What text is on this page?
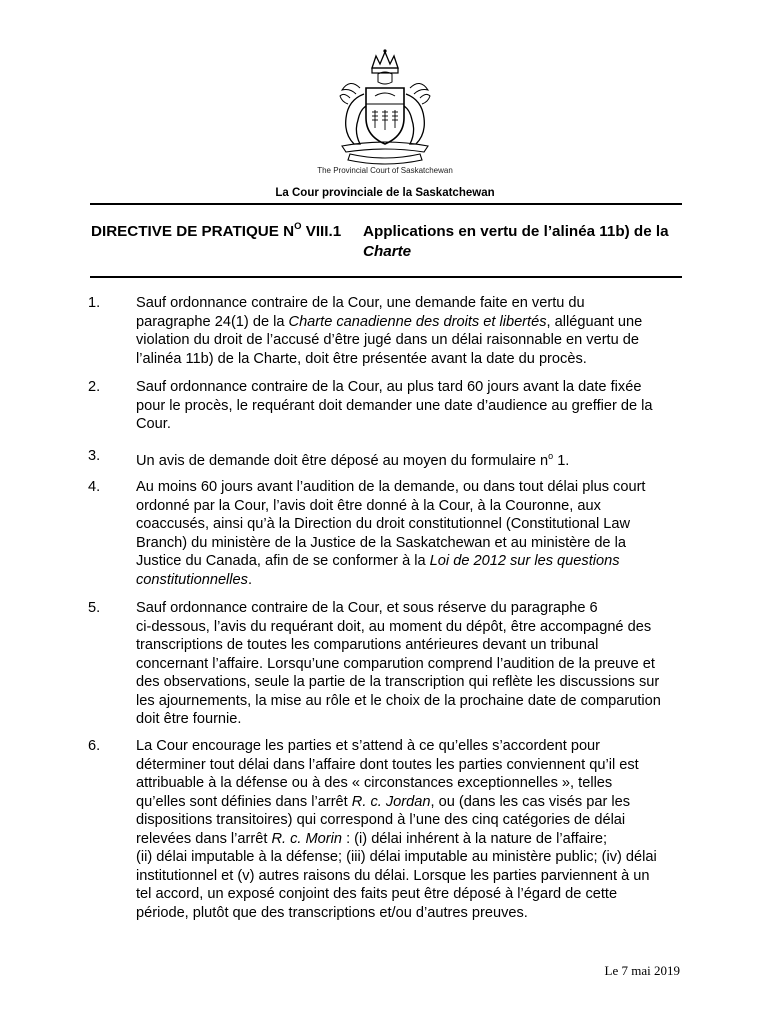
The Provincial Court of Saskatchewan
La Cour provinciale de la Saskatchewan
DIRECTIVE DE PRATIQUE $N^O$ VIII.1 Applications en vertu de l’alinéa 11b) de la
Charte
1. Sauf ordonnance contraire de la Cour, une demande faite en vertu du
paragraphe 24(1) de la Charte canadienne des droits et libertés, alléguant une
violation du droit de l’accusé d’être jugé dans un délai raisonnable en vertu de
l’alinéa 11b) de la Charte, doit être présentée avant la date du procès.
2. Sauf ordonnance contraire de la Cour, au plus tard 60 jours avant la date fixée
pour le procès, le requérant doit demander une date d’audience au greffier de la
Cour.
3. Un avis de demande doit être déposé au moyen du formulaire $n^o$ 1.
4. Au moins 60 jours avant l’audition de la demande, ou dans tout délai plus court
ordonné par la Cour, l’avis doit être donné à la Cour, à la Couronne, aux
coaccusés, ainsi qu’à la Direction du droit constitutionnel (Constitutional Law
Branch) du ministère de la Justice de la Saskatchewan et au ministère de la
Justice du Canada, afin de se conformer à la Loi de 2012 sur les questions
constitutionnelles.
5. Sauf ordonnance contraire de la Cour, et sous réserve du paragraphe 6
ci-dessous, l’avis du requérant doit, au moment du dépôt, être accompagné des
transcriptions de toutes les comparutions antérieures devant un tribunal
concernant l’affaire. Lorsqu’une comparution comprend l’audition de la preuve et
des observations, seule la partie de la transcription qui reflète les discussions sur
les ajournements, la mise au rôle et le choix de la prochaine date de comparution
doit être fournie.
6. La Cour encourage les parties et s’attend à ce qu’elles s’accordent pour
déterminer tout délai dans l’affaire dont toutes les parties conviennent qu’il est
attribuable à la défense ou à des « circonstances exceptionnelles », telles
qu’elles sont définies dans l’arrêt R. c. Jordan, ou (dans les cas visés par les
dispositions transitoires) qui correspond à l’une des cinq catégories de délai
relevées dans l’arrêt R. c. Morin : (i) délai inhérent à la nature de l’affaire;
(ii) délai imputable à la défense; (iii) délai imputable au ministère public; (iv) délai
institutionnel et (v) autres raisons du délai. Lorsque les parties parviennent à un
tel accord, un exposé conjoint des faits peut être déposé à l’égard de cette
période, plutôt que des transcriptions et/ou d’autres preuves.
Le 7 mai 2019
